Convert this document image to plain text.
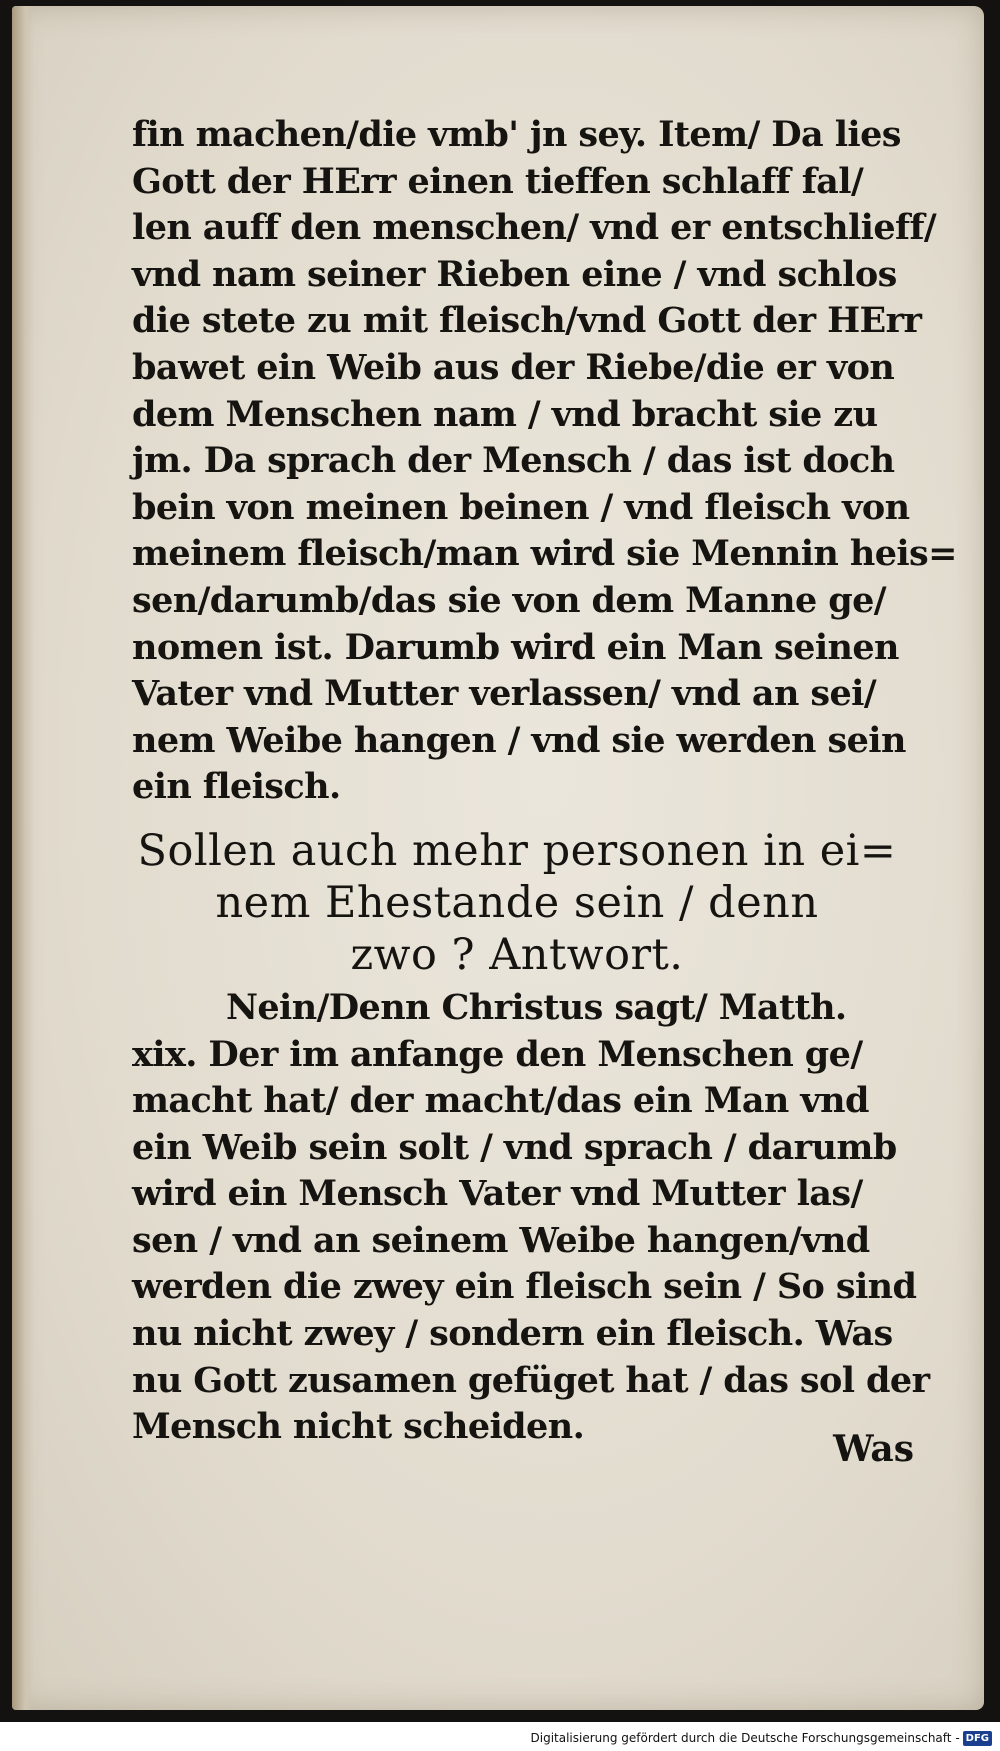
fin machen/die vmb' jn sey. Item/ Da lies

Gott der HErr einen tieffen schlaff fal/

len auff den menschen/ vnd er entschlieff/

vnd nam seiner Rieben eine / vnd schlos

die stete zu mit fleisch/vnd Gott der HErr

bawet ein Weib aus der Riebe/die er von

dem Menschen nam / vnd bracht sie zu

jm. Da sprach der Mensch / das ist doch

bein von meinen beinen / vnd fleisch von

meinem fleisch/man wird sie Mennin heis=

sen/darumb/das sie von dem Manne ge/

nomen ist. Darumb wird ein Man seinen

Vater vnd Mutter verlassen/ vnd an sei/

nem Weibe hangen / vnd sie werden sein

ein fleisch.

Sollen auch mehr personen in ei=

nem Ehestande sein / denn

zwo ? Antwort.

Nein/Denn Christus sagt/ Matth.

xix. Der im anfange den Menschen ge/

macht hat/ der macht/das ein Man vnd

ein Weib sein solt / vnd sprach / darumb

wird ein Mensch Vater vnd Mutter las/

sen / vnd an seinem Weibe hangen/vnd

werden die zwey ein fleisch sein / So sind

nu nicht zwey / sondern ein fleisch. Was

nu Gott zusamen gefüget hat / das sol der

Mensch nicht scheiden.

Was
Digitalisierung gefördert durch die Deutsche Forschungsgemeinschaft - DFG
